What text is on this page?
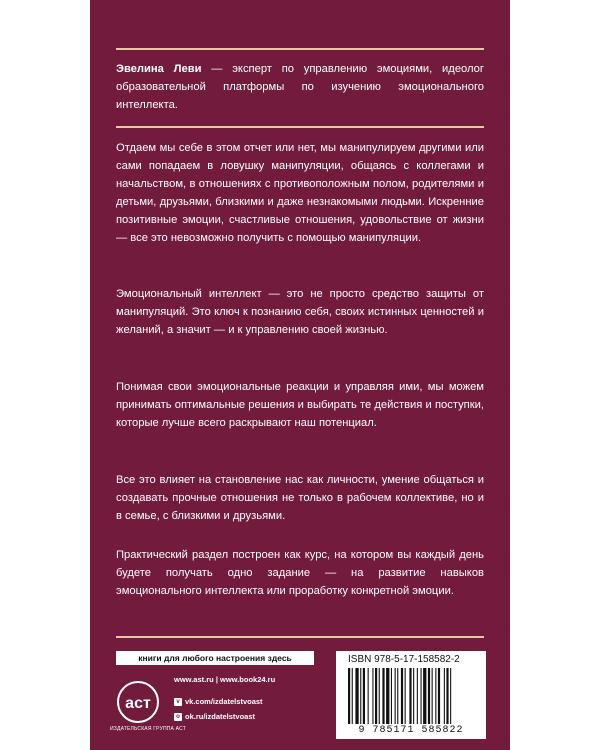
Эвелина Леви — эксперт по управлению эмоциями, идеолог образовательной платформы по изучению эмоционального интеллекта.

Отдаем мы себе в этом отчет или нет, мы манипулируем другими или сами попадаем в ловушку манипуляции, общаясь с коллегами и начальством, в отношениях с противоположным полом, родителями и детьми, друзьями, близкими и даже незнакомыми людьми. Искренние позитивные эмоции, счастливые отношения, удовольствие от жизни — все это невозможно получить с помощью манипуляции.

Эмоциональный интеллект — это не просто средство защиты от манипуляций. Это ключ к познанию себя, своих истинных ценностей и желаний, а значит — и к управлению своей жизнью.

Понимая свои эмоциональные реакции и управляя ими, мы можем принимать оптимальные решения и выбирать те действия и поступки, которые лучше всего раскрывают наш потенциал.

Все это влияет на становление нас как личности, умение общаться и создавать прочные отношения не только в рабочем коллективе, но и в семье, с близкими и друзьями.

Практический раздел построен как курс, на котором вы каждый день будете получать одно задание — на развитие навыков эмоционального интеллекта или проработку конкретной эмоции.

книги для любого настроения здесь
www.ast.ru | www.book24.ru
аст
ИЗДАТЕЛЬСКАЯ ГРУППА АСТ
v vk.com/izdatelstvoast
o ok.ru/izdatelstvoast
ISBN 978-5-17-158582-2
9 785171 585822
